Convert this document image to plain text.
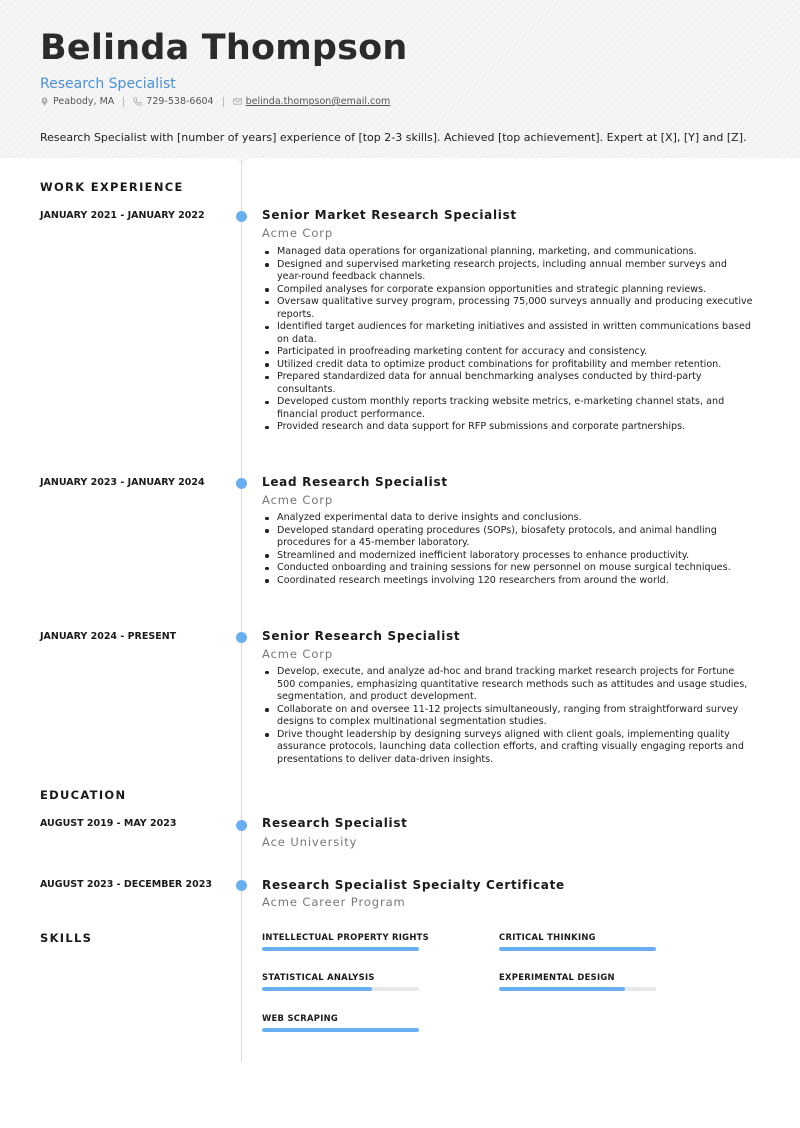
Belinda Thompson
Research Specialist
Peabody, MA	729-538-6604	belinda.thompson@email.com

Research Specialist with [number of years] experience of [top 2-3 skills]. Achieved [top achievement]. Expert at [X], [Y] and [Z].

WORK EXPERIENCE
JANUARY 2021 - JANUARY 2022	Senior Market Research Specialist
Acme Corp
Managed data operations for organizational planning, marketing, and communications.
Designed and supervised marketing research projects, including annual member surveys and year-round feedback channels.
Compiled analyses for corporate expansion opportunities and strategic planning reviews.
Oversaw qualitative survey program, processing 75,000 surveys annually and producing executive reports.
Identified target audiences for marketing initiatives and assisted in written communications based on data.
Participated in proofreading marketing content for accuracy and consistency.
Utilized credit data to optimize product combinations for profitability and member retention.
Prepared standardized data for annual benchmarking analyses conducted by third-party consultants.
Developed custom monthly reports tracking website metrics, e-marketing channel stats, and financial product performance.
Provided research and data support for RFP submissions and corporate partnerships.
JANUARY 2023 - JANUARY 2024	Lead Research Specialist
Acme Corp
Analyzed experimental data to derive insights and conclusions.
Developed standard operating procedures (SOPs), biosafety protocols, and animal handling procedures for a 45-member laboratory.
Streamlined and modernized inefficient laboratory processes to enhance productivity.
Conducted onboarding and training sessions for new personnel on mouse surgical techniques.
Coordinated research meetings involving 120 researchers from around the world.
JANUARY 2024 - PRESENT	Senior Research Specialist
Acme Corp
Develop, execute, and analyze ad-hoc and brand tracking market research projects for Fortune 500 companies, emphasizing quantitative research methods such as attitudes and usage studies, segmentation, and product development.
Collaborate on and oversee 11-12 projects simultaneously, ranging from straightforward survey designs to complex multinational segmentation studies.
Drive thought leadership by designing surveys aligned with client goals, implementing quality assurance protocols, launching data collection efforts, and crafting visually engaging reports and presentations to deliver data-driven insights.
EDUCATION
AUGUST 2019 - MAY 2023	Research Specialist
Ace University
AUGUST 2023 - DECEMBER 2023	Research Specialist Specialty Certificate
Acme Career Program
SKILLS	INTELLECTUAL PROPERTY RIGHTS	CRITICAL THINKING
STATISTICAL ANALYSIS	EXPERIMENTAL DESIGN
WEB SCRAPING
